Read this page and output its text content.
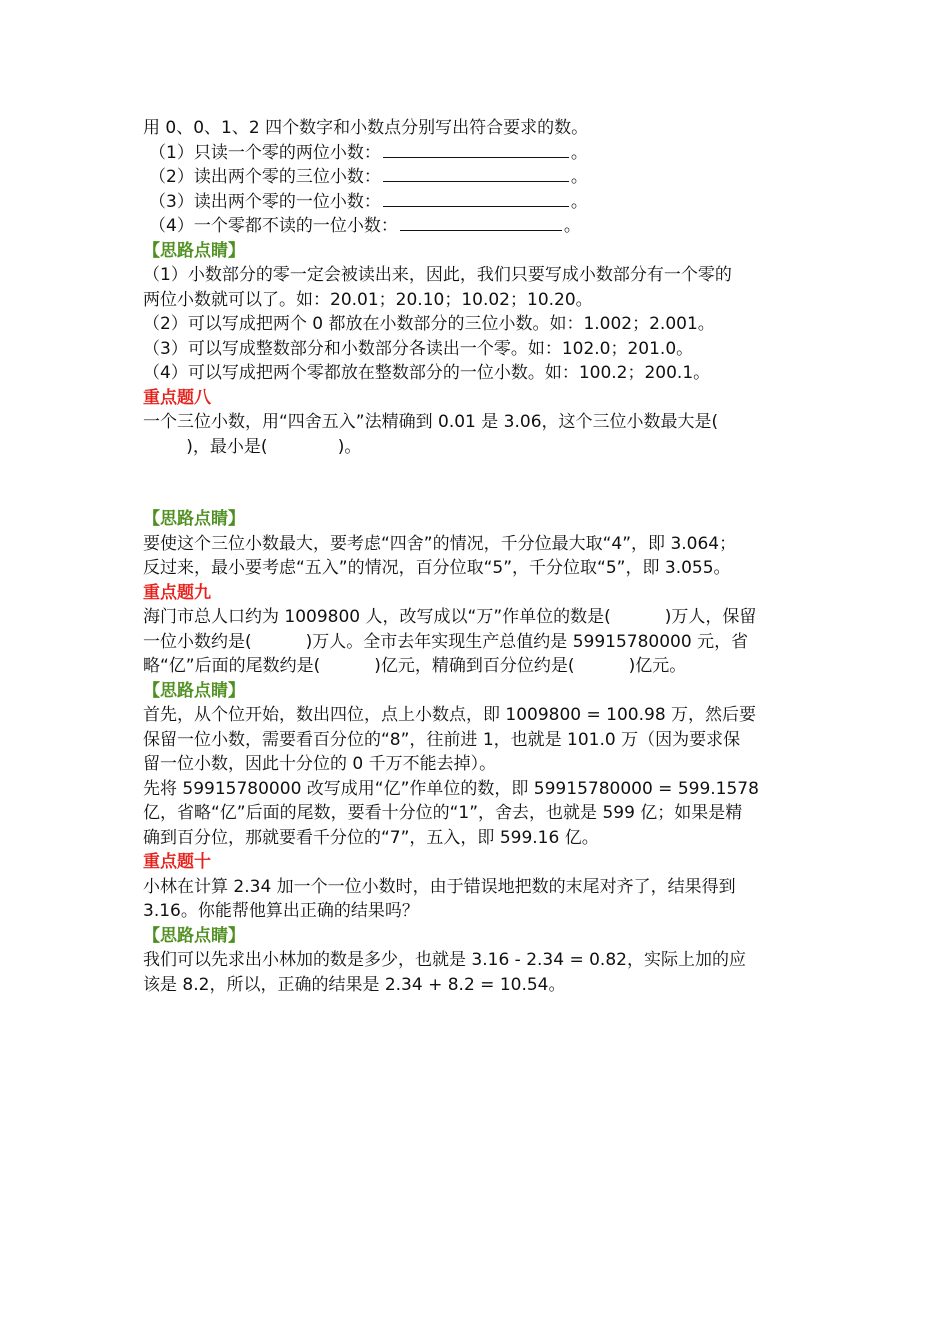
用 0、0、1、2 四个数字和小数点分别写出符合要求的数。
（1）只读一个零的两位小数：	。
（2）读出两个零的三位小数：	。
（3）读出两个零的一位小数：	。
（4）一个零都不读的一位小数：	。
【思路点睛】
（1）小数部分的零一定会被读出来，因此，我们只要写成小数部分有一个零的
两位小数就可以了。如：20.01；20.10；10.02；10.20。
（2）可以写成把两个 0 都放在小数部分的三位小数。如：1.002；2.001。
（3）可以写成整数部分和小数部分各读出一个零。如：102.0；201.0。
（4）可以写成把两个零都放在整数部分的一位小数。如：100.2；200.1。
重点题八
一个三位小数，用“四舍五入”法精确到 0.01 是 3.06，这个三位小数最大是(
)，最小是(             )。
【思路点睛】
要使这个三位小数最大，要考虑“四舍”的情况，千分位最大取“4”，即 3.064；
反过来，最小要考虑“五入”的情况，百分位取“5”，千分位取“5”，即 3.055。
重点题九
海门市总人口约为 1009800 人，改写成以“万”作单位的数是(          )万人，保留
一位小数约是(          )万人。全市去年实现生产总值约是 59915780000 元，省
略“亿”后面的尾数约是(          )亿元，精确到百分位约是(          )亿元。
【思路点睛】
首先，从个位开始，数出四位，点上小数点，即 1009800 = 100.98 万，然后要
保留一位小数，需要看百分位的“8”，往前进 1，也就是 101.0 万（因为要求保
留一位小数，因此十分位的 0 千万不能去掉）。
先将 59915780000 改写成用“亿”作单位的数，即 59915780000 = 599.1578
亿，省略“亿”后面的尾数，要看十分位的“1”，舍去，也就是 599 亿；如果是精
确到百分位，那就要看千分位的“7”，五入，即 599.16 亿。
重点题十
小林在计算 2.34 加一个一位小数时，由于错误地把数的末尾对齐了，结果得到
3.16。你能帮他算出正确的结果吗？
【思路点睛】
我们可以先求出小林加的数是多少，也就是 3.16 - 2.34 = 0.82，实际上加的应
该是 8.2，所以，正确的结果是 2.34 + 8.2 = 10.54。
